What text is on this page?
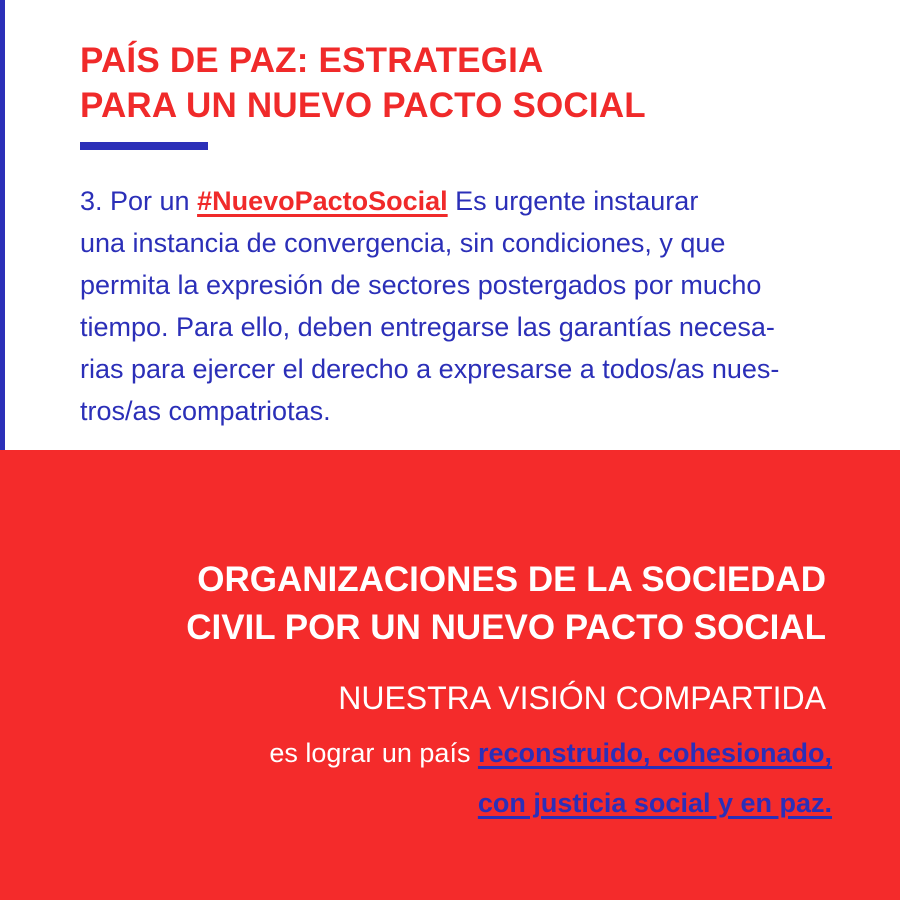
PAÍS DE PAZ: ESTRATEGIA
PARA UN NUEVO PACTO SOCIAL

3. Por un #NuevoPactoSocial Es urgente instaurar
una instancia de convergencia, sin condiciones, y que
permita la expresión de sectores postergados por mucho
tiempo. Para ello, deben entregarse las garantías necesa-
rias para ejercer el derecho a expresarse a todos/as nues-
tros/as compatriotas.

ORGANIZACIONES DE LA SOCIEDAD
CIVIL POR UN NUEVO PACTO SOCIAL
NUESTRA VISIÓN COMPARTIDA

es lograr un país reconstruido, cohesionado,
con justicia social y en paz.
